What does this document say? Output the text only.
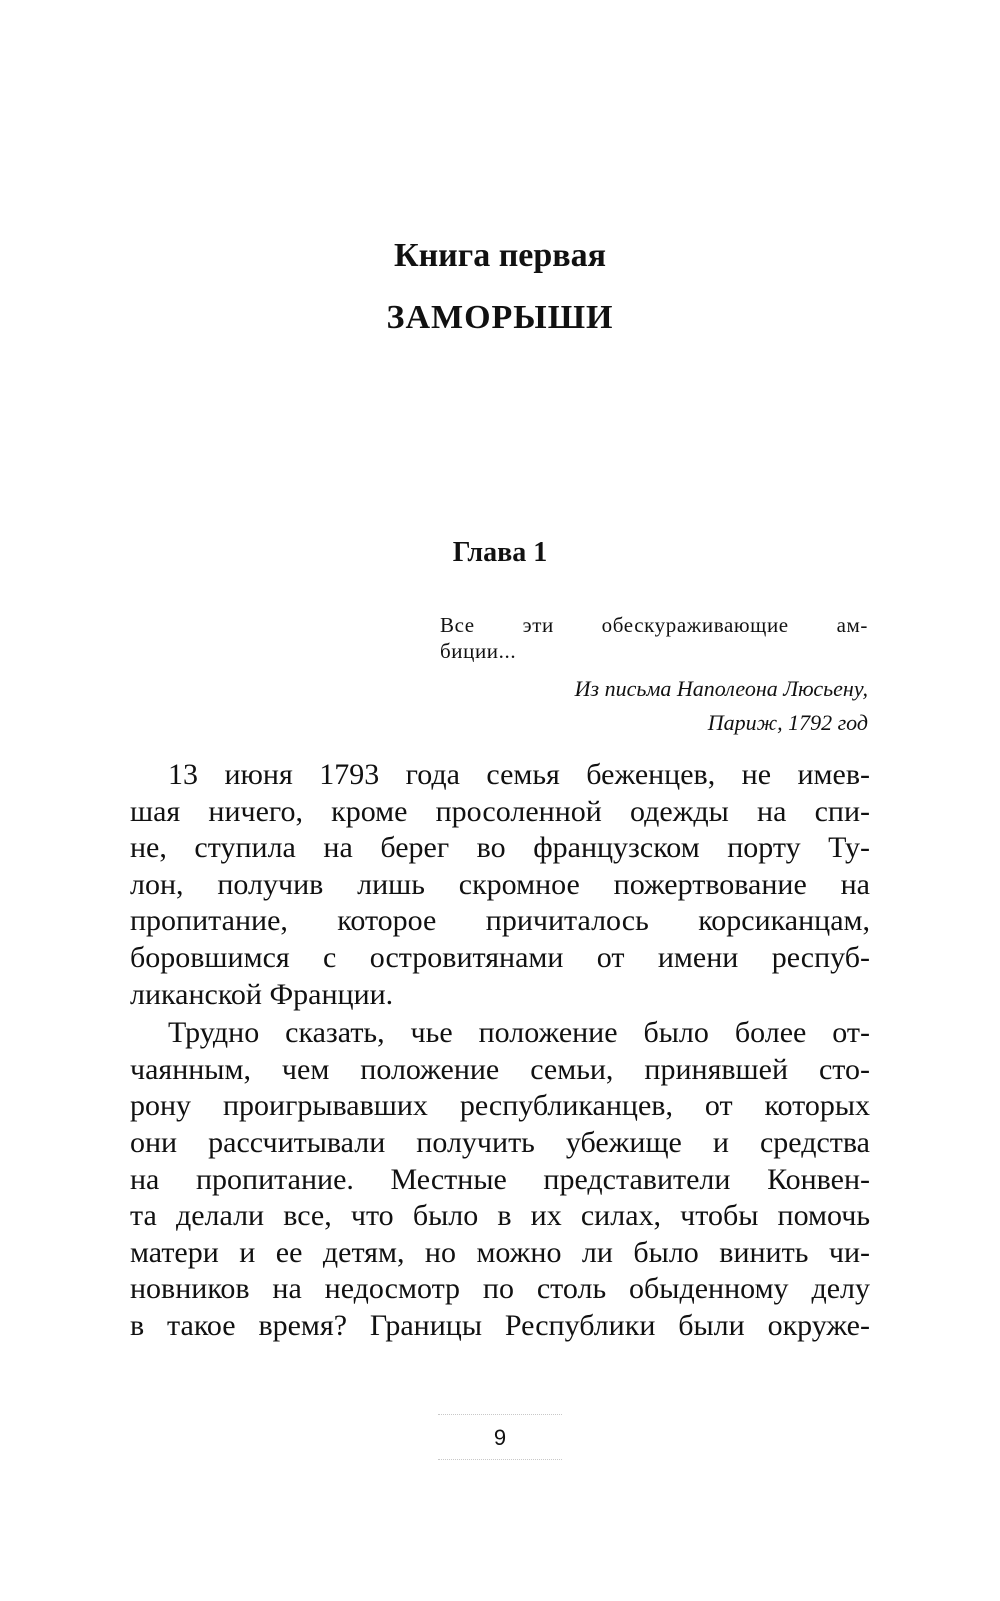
Книга первая
ЗАМОРЫШИ
Глава 1
Все эти обескураживающие ам-
биции...
Из письма Наполеона Люсьену,
Париж, 1792 год
13 июня 1793 года семья беженцев, не имев-
шая ничего, кроме просоленной одежды на спи-
не, ступила на берег во французском порту Ту-
лон, получив лишь скромное пожертвование на
пропитание, которое причиталось корсиканцам,
боровшимся с островитянами от имени респуб-
ликанской Франции.
Трудно сказать, чье положение было более от-
чаянным, чем положение семьи, принявшей сто-
рону проигрывавших республиканцев, от которых
они рассчитывали получить убежище и средства
на пропитание. Местные представители Конвен-
та делали все, что было в их силах, чтобы помочь
матери и ее детям, но можно ли было винить чи-
новников на недосмотр по столь обыденному делу
в такое время? Границы Республики были окруже-
9
